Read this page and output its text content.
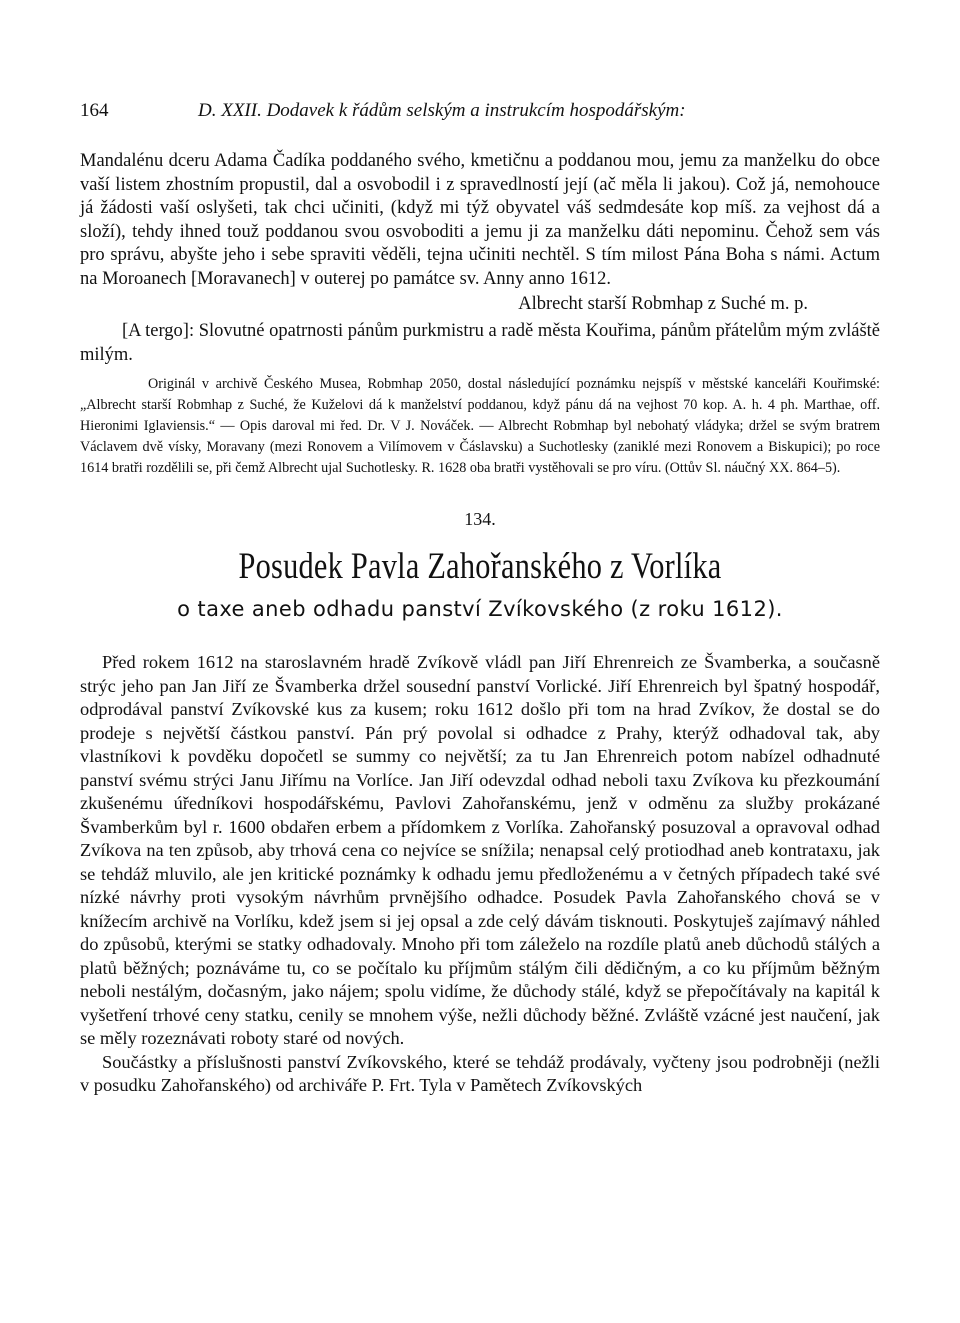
164	D. XXII. Dodavek k řádům selským a instrukcím hospodářským:

Mandalénu dceru Adama Čadíka poddaného svého, kmetičnu a poddanou mou, jemu za manželku do obce vaší listem zhostním propustil, dal a osvobodil i z spravedlností její (ač měla li jakou). Což já, nemohouce já žádosti vaší oslyšeti, tak chci učiniti, (když mi týž obyvatel váš sedmdesáte kop míš. za vejhost dá a složí), tehdy ihned touž poddanou svou osvoboditi a jemu ji za manželku dáti nepominu. Čehož sem vás pro správu, abyšte jeho i sebe spraviti věděli, tejna učiniti nechtěl. S tím milost Pána Boha s námi. Actum na Moroanech [Moravanech] v outerej po památce sv. Anny anno 1612.

Albrecht starší Robmhap z Suché m. p.

[A tergo]: Slovutné opatrnosti pánům purkmistru a radě města Kouřima, pánům přátelům mým zvláště milým.

Originál v archivě Českého Musea, Robmhap 2050, dostal následující poznámku nejspíš v městské kanceláři Kouřimské: „Albrecht starší Robmhap z Suché, že Kuželovi dá k manželství poddanou, když pánu dá na vejhost 70 kop. A. h. 4 ph. Marthae, off. Hieronimi Iglaviensis.“ — Opis daroval mi řed. Dr. V J. Nováček. — Albrecht Robmhap byl nebohatý vládyka; držel se svým bratrem Václavem dvě vísky, Moravany (mezi Ronovem a Vilímovem v Čáslavsku) a Suchotlesky (zaniklé mezi Ronovem a Biskupici); po roce 1614 bratři rozdělili se, při čemž Albrecht ujal Suchotlesky. R. 1628 oba bratři vystěhovali se pro víru. (Ottův Sl. náučný XX. 864–5).

134.
Posudek Pavla Zahořanského z Vorlíka
o taxe aneb odhadu panství Zvíkovského (z roku 1612).

Před rokem 1612 na staroslavném hradě Zvíkově vládl pan Jiří Ehrenreich ze Švamberka, a současně strýc jeho pan Jan Jiří ze Švamberka držel sousední panství Vorlické. Jiří Ehrenreich byl špatný hospodář, odprodával panství Zvíkovské kus za kusem; roku 1612 došlo při tom na hrad Zvíkov, že dostal se do prodeje s největší částkou panství. Pán prý povolal si odhadce z Prahy, kterýž odhadoval tak, aby vlastníkovi k povděku dopočetl se summy co největší; za tu Jan Ehrenreich potom nabízel odhadnuté panství svému strýci Janu Jiřímu na Vorlíce. Jan Jiří odevzdal odhad neboli taxu Zvíkova ku přezkoumání zkušenému úředníkovi hospodářskému, Pavlovi Zahořanskému, jenž v odměnu za služby prokázané Švamberkům byl r. 1600 obdařen erbem a přídomkem z Vorlíka. Zahořanský posuzoval a opravoval odhad Zvíkova na ten způsob, aby trhová cena co nejvíce se snížila; nenapsal celý protiodhad aneb kontrataxu, jak se tehdáž mluvilo, ale jen kritické poznámky k odhadu jemu předloženému a v četných případech také své nízké návrhy proti vysokým návrhům prvnějšího odhadce. Posudek Pavla Zahořanského chová se v knížecím archivě na Vorlíku, kdež jsem si jej opsal a zde celý dávám tisknouti. Poskytuješ zajímavý náhled do způsobů, kterými se statky odhadovaly. Mnoho při tom záleželo na rozdíle platů aneb důchodů stálých a platů běžných; poznáváme tu, co se počítalo ku příjmům stálým čili dědičným, a co ku příjmům běžným neboli nestálým, dočasným, jako nájem; spolu vidíme, že důchody stálé, když se přepočítávaly na kapitál k vyšetření trhové ceny statku, cenily se mnohem výše, nežli důchody běžné. Zvláště vzácné jest naučení, jak se měly rozeznávati roboty staré od nových.

Součástky a příslušnosti panství Zvíkovského, které se tehdáž prodávaly, vyčteny jsou podrobněji (nežli v posudku Zahořanského) od archiváře P. Frt. Tyla v Pamětech Zvíkovských
